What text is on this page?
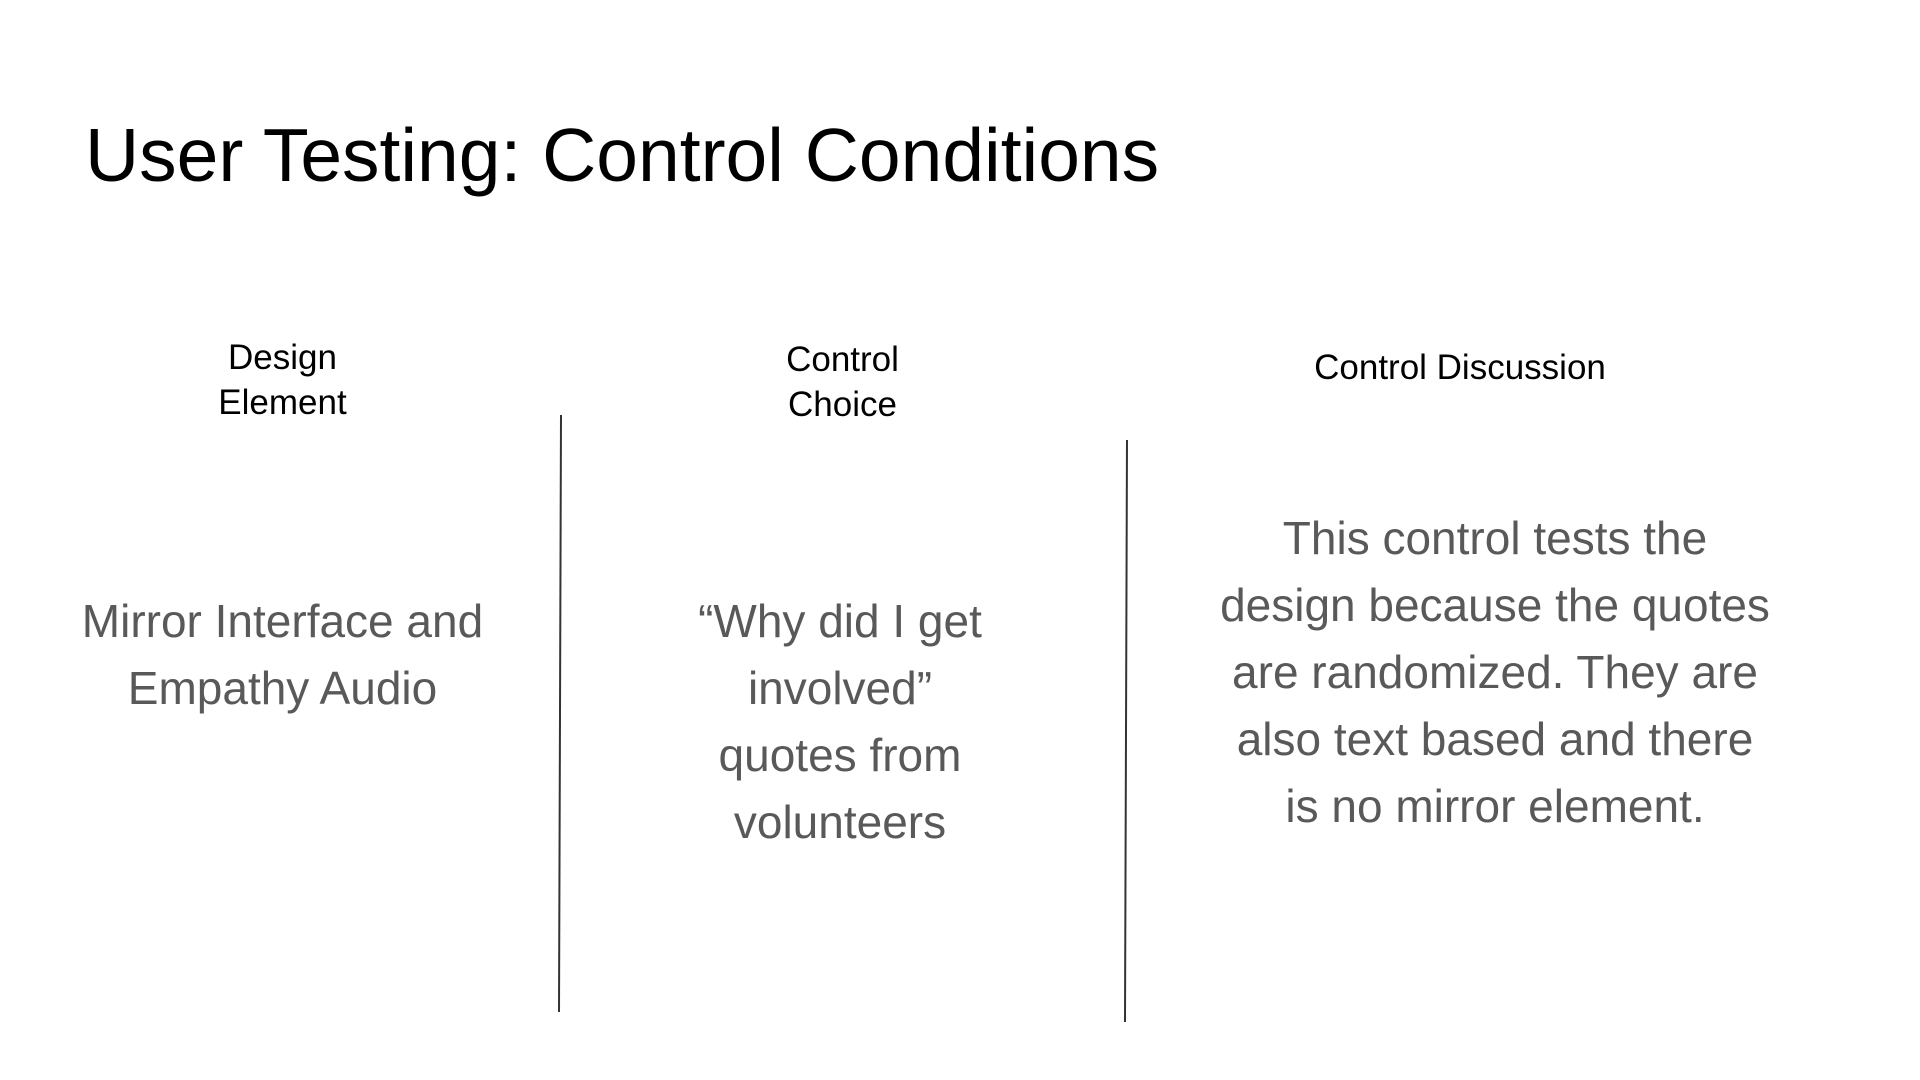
User Testing: Control Conditions
Design
Element
Mirror Interface and
Empathy Audio
Control
Choice
“Why did I get
involved”
quotes from
volunteers
Control Discussion
This control tests the
design because the quotes
are randomized. They are
also text based and there
is no mirror element.
